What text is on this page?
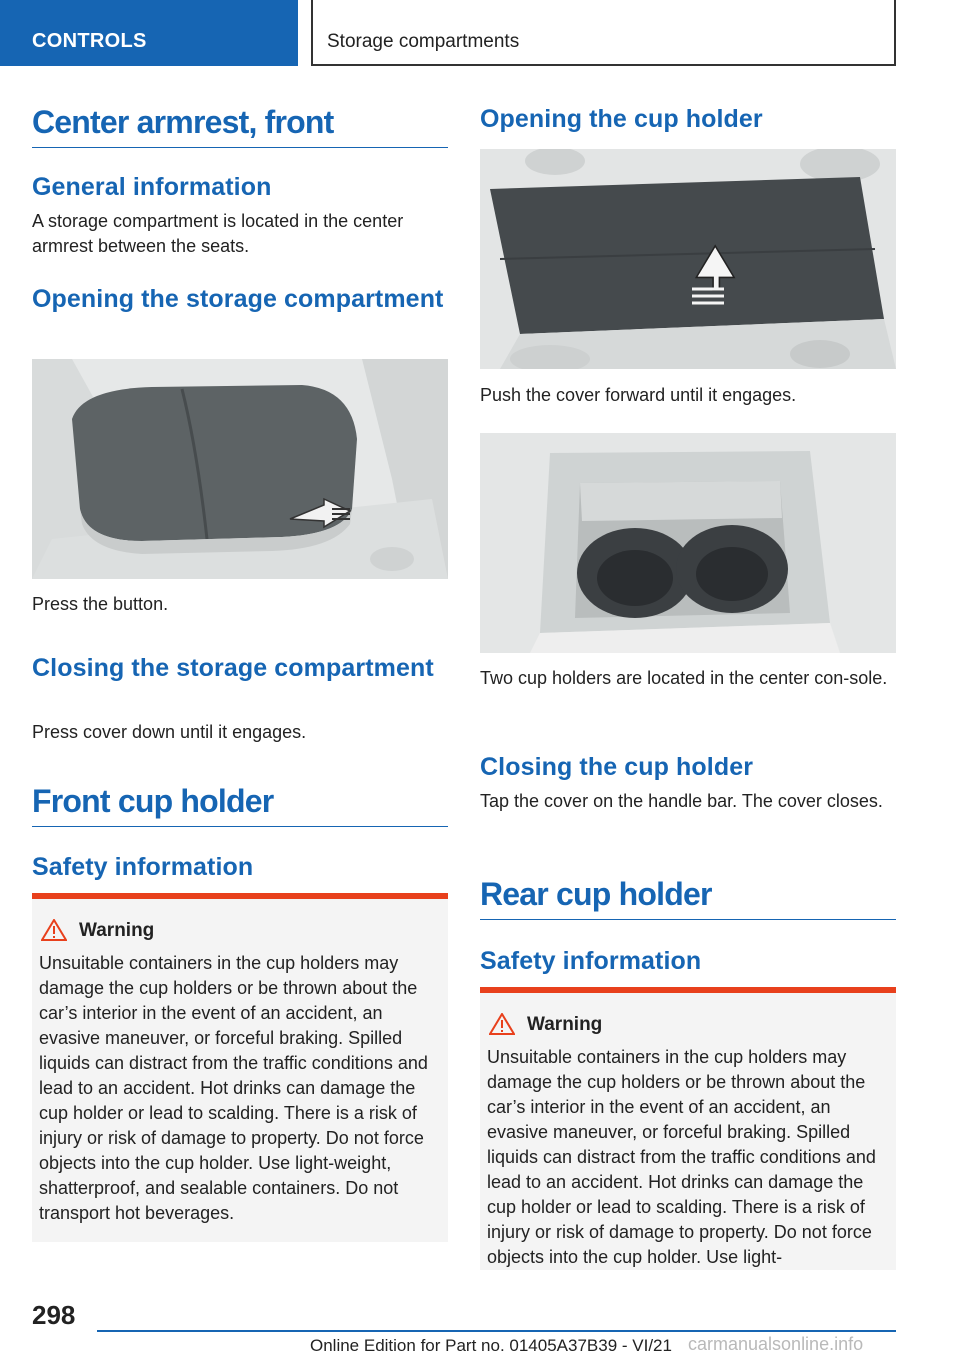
CONTROLS	Storage compartments
Center armrest, front
General information
A storage compartment is located in the center armrest between the seats.
Opening the storage compartment
Press the button.
Closing the storage compartment
Press cover down until it engages.
Front cup holder
Safety information
Warning
Unsuitable containers in the cup holders may damage the cup holders or be thrown about the car’s interior in the event of an accident, an evasive maneuver, or forceful braking. Spilled liquids can distract from the traffic conditions and lead to an accident. Hot drinks can damage the cup holder or lead to scalding. There is a risk of injury or risk of damage to property. Do not force objects into the cup holder. Use light-weight, shatterproof, and sealable containers. Do not transport hot beverages.
Opening the cup holder
Push the cover forward until it engages.
Two cup holders are located in the center con-sole.
Closing the cup holder
Tap the cover on the handle bar. The cover closes.
Rear cup holder
Safety information
Warning
Unsuitable containers in the cup holders may damage the cup holders or be thrown about the car’s interior in the event of an accident, an evasive maneuver, or forceful braking. Spilled liquids can distract from the traffic conditions and lead to an accident. Hot drinks can damage the cup holder or lead to scalding. There is a risk of injury or risk of damage to property. Do not force objects into the cup holder. Use light-
298
Online Edition for Part no. 01405A37B39 - VI/21 carmanualsonline.info
